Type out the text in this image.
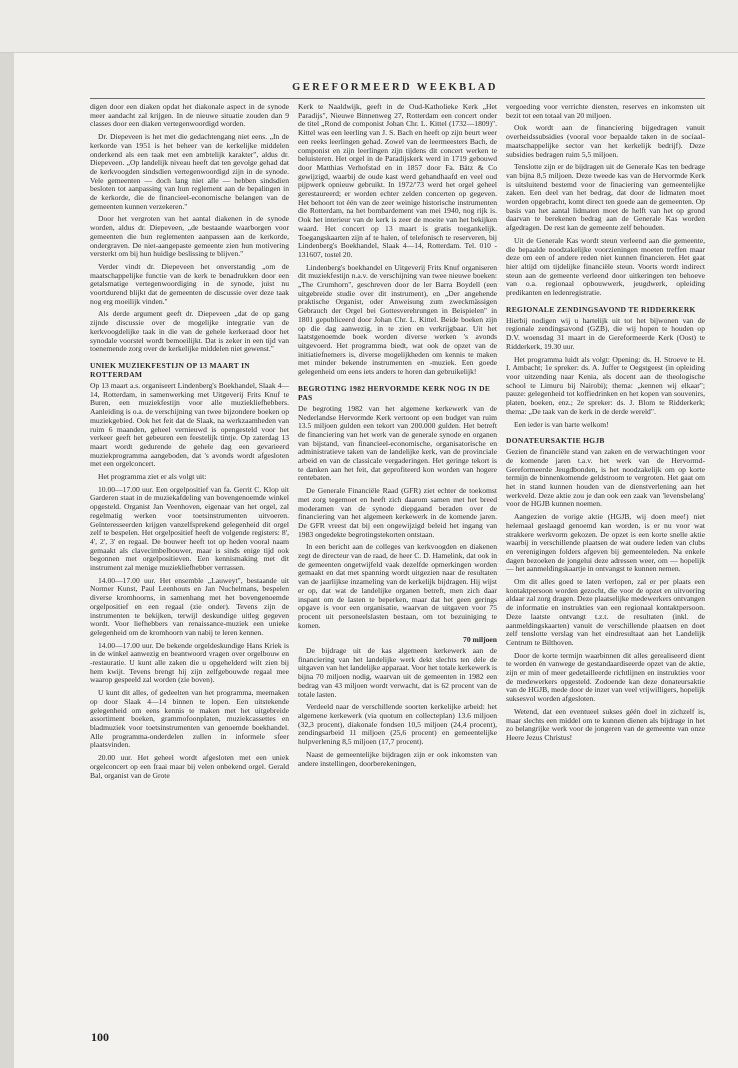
GEREFORMEERD WEEKBLAD

digen door een diaken opdat het diakonale aspect in de synode meer aandacht zal krijgen. In de nieuwe situatie zouden dan 9 classes door een diaken vertegenwoordigd worden.

Dr. Diepeveen is het met die gedachtengang niet eens. „In de kerkorde van 1951 is het beheer van de kerkelijke middelen onderkend als een taak met een ambtelijk karakter", aldus dr. Diepeveen. „Op landelijk niveau heeft dat ten gevolge gehad dat de kerkvoogden sindsdien vertegenwoordigd zijn in de synode. Vele gemeenten — doch lang niet alle — hebben sindsdien besloten tot aanpassing van hun reglement aan de bepalingen in de kerkorde, die de financieel-economische belangen van de gemeenten kunnen verzekeren."

Door het vergroten van het aantal diakenen in de synode worden, aldus dr. Diepeveen, „de bestaande waarborgen voor gemeenten die hun reglementen aanpassen aan de kerkorde, ondergraven. De niet-aangepaste gemeente zien hun motivering versterkt om bij hun huidige beslissing te blijven."

Verder vindt dr. Diepeveen het onverstandig „om de maatschappelijke functie van de kerk te benadrukken door een getalsmatige vertegenwoordiging in de synode, juist nu voortdurend blijkt dat de gemeenten de discussie over deze taak nog erg moeilijk vinden."

Als derde argument geeft dr. Diepeveen „dat de op gang zijnde discussie over de mogelijke integratie van de kerkvoogdelijke taak in die van de gehele kerkeraad door het synodale voorstel wordt bemoeilijkt. Dat is zeker in een tijd van toenemende zorg over de kerkelijke middelen niet gewenst."

UNIEK MUZIEKFESTIJN OP 13 MAART IN ROTTERDAM

Op 13 maart a.s. organiseert Lindenberg's Boekhandel, Slaak 4—14, Rotterdam, in samenwerking met Uitgeverij Frits Knuf te Buren, een muziekfestijn voor alle muziekliefhebbers. Aanleiding is o.a. de verschijning van twee bijzondere boeken op muziekgebied. Ook het feit dat de Slaak, na werkzaamheden van ruim 6 maanden, geheel vernieuwd is opengesteld voor het verkeer geeft het gebeuren een feestelijk tintje. Op zaterdag 13 maart wordt gedurende de gehele dag een gevarieerd muziekprogramma aangeboden, dat 's avonds wordt afgesloten met een orgelconcert.

Het programma ziet er als volgt uit:

10.00—17.00 uur. Een orgelpositief van fa. Gerrit C. Klop uit Garderen staat in de muziekafdeling van bovengenoemde winkel opgesteld. Organist Jan Veenhoven, eigenaar van het orgel, zal regelmatig werken voor toetsinstrumenten uitvoeren. Geïnteresseerden krijgen vanzelfsprekend gelegenheid dit orgel zelf te bespelen. Het orgelpositief heeft de volgende registers: 8', 4', 2', 3' en regaal. De bouwer heeft tot op heden vooral naam gemaakt als clavecimbelbouwer, maar is sinds enige tijd ook begonnen met orgelpositieven. Een kennismaking met dit instrument zal menige muziekliefhebber verrassen.

14.00—17.00 uur. Het ensemble „Lauweyt", bestaande uit Normer Kunst, Paul Leenhouts en Jan Nuchelmans, bespelen diverse kromhoorns, in samenhang met het bovengenoemde orgelpositief en een regaal (zie onder). Tevens zijn de instrumenten te bekijken, terwijl deskundige uitleg gegeven wordt. Voor liefhebbers van renaissance-muziek een unieke gelegenheid om de kromhoorn van nabij te leren kennen.

14.00—17.00 uur. De bekende orgeldeskundige Hans Kriek is in de winkel aanwezig en beantwoord vragen over orgelbouw en -restauratie. U kunt alle zaken die u opgehelderd wilt zien bij hem kwijt. Tevens brengt hij zijn zelfgebouwde regaal mee waarop gespeeld zal worden (zie boven).

U kunt dit alles, of gedeelten van het programma, meemaken op door Slaak 4—14 binnen te lopen. Een uitstekende gelegenheid om eens kennis te maken met het uitgebreide assortiment boeken, grammofoonplaten, muziekcassettes en bladmuziek voor toetsinstrumenten van genoemde boekhandel. Alle programma-onderdelen zullen in informele sfeer plaatsvinden.

20.00 uur. Het geheel wordt afgesloten met een uniek orgelconcert op een fraai maar bij velen onbekend orgel. Gerald Bal, organist van de Grote

Kerk te Naaldwijk, geeft in de Oud-Katholieke Kerk „Het Paradijs", Nieuwe Binnenweg 27, Rotterdam een concert onder de titel „Rond de componist Johan Chr. L. Kittel (1732—1809)". Kittel was een leerling van J. S. Bach en heeft op zijn beurt weer een reeks leerlingen gehad. Zowel van de leermeesters Bach, de componist en zijn leerlingen zijn tijdens dit concert werken te beluisteren. Het orgel in de Paradijskerk werd in 1719 gebouwd door Matthias Verhofstad en in 1857 door Fa. Bätz & Co gewijzigd, waarbij de oude kast werd gehandhaafd en veel oud pijpwerk opnieuw gebruikt. In 1972/'73 werd het orgel geheel gerestaureerd; er worden echter zelden concerten op gegeven. Het behoort tot één van de zeer weinige historische instrumenten die Rotterdam, na het bombardement van mei 1940, nog rijk is. Ook het interieur van de kerk is zeer de moeite van het bekijken waard. Het concert op 13 maart is gratis toegankelijk. Toegangskaarten zijn af te halen, of telefonisch te reserveren, bij Lindenberg's Boekhandel, Slaak 4—14, Rotterdam. Tel. 010 - 131607, tostel 20.

Lindenberg's boekhandel en Uitgeverij Frits Knuf organiseren dit muziekfestijn n.a.v. de verschijning van twee nieuwe boeken: „The Crumhorn", geschreven door de ler Barra Boydell (een uitgebreide studie over dit instrument), en „Der angehende praktische Organist, oder Anweisung zum zweckmässigen Gebrauch der Orgel bei Gottesverehrungen in Beispielen" in 1801 gepubliceerd door Johan Chr. L. Kittel. Beide boeken zijn op die dag aanwezig, in te zien en verkrijgbaar. Uit het laatstgenoemde boek worden diverse werken 's avonds uitgevoerd. Het programma biedt, wat ook de opzet van de initiatiefnemers is, diverse mogelijkheden om kennis te maken met minder bekende instrumenten en -muziek. Een goede gelegenheid om eens iets anders te horen dan gebruikelijk!

BEGROTING 1982 HERVORMDE KERK NOG IN DE PAS

De begroting 1982 van het algemene kerkewerk van de Nederlandse Hervormde Kerk vertoont op een budget van ruim 13.5 miljoen gulden een tekort van 200.000 gulden. Het betreft de financiering van het werk van de generale synode en organen van bijstand, van financieel-economische, organisatorische en administratieve taken van de landelijke kerk, van de provinciale arbeid en van de classicale vergaderingen. Het geringe tekort is te danken aan het feit, dat geprofiteerd kon worden van hogere rentebaten.

De Generale Financiële Raad (GFR) ziet echter de toekomst met zorg tegemoet en heeft zich daarom samen met het breed moderamen van de synode diepgaand beraden over de financiering van het algemeen kerkewerk in de komende jaren. De GFR vreest dat bij een ongewijzigd beleid het ingang van 1983 ongedekte begrotingstekorten ontstaan.

In een bericht aan de colleges van kerkvoogden en diakenen zegt de directeur van de raad, de heer C. D. Hamelink, dat ook in de gemeenten ongetwijfeld vaak dezelfde opmerkingen worden gemaakt en dat met spanning wordt uitgezien naar de resultaten van de jaarlijkse inzameling van de kerkelijk bijdragen. Hij wijst er op, dat wat de landelijke organen betreft, men zich daar inspant om de lasten te beperken, maar dat het geen gerings opgave is voor een organisatie, waarvan de uitgaven voor 75 procent uit personeelslasten bestaan, om tot bezuiniging te komen.

70 miljoen

De bijdrage uit de kas algemeen kerkewerk aan de financiering van het landelijke werk dekt slechts ten dele de uitgaven van het landelijke apparaat. Voor het totale kerkewerk is bijna 70 miljoen nodig, waarvan uit de gemeenten in 1982 een bedrag van 43 miljoen wordt verwacht, dat is 62 procent van de totale lasten.

Verdeeld naar de verschillende soorten kerkelijke arbeid: het algemene kerkewerk (via quotum en collecteplan) 13.6 miljoen (32,3 procent), diakonale fondsen 10,5 miljoen (24,4 procent), zendingsarbeid 11 miljoen (25,6 procent) en gemeentelijke hulpverlening 8,5 miljoen (17,7 procent).

Naast de gemeentelijke bijdragen zijn er ook inkomsten van andere instellingen, doorberekeningen,

vergoeding voor verrichte diensten, reserves en inkomsten uit bezit tot een totaal van 20 miljoen.

Ook wordt aan de financiering bijgedragen vanuit overheidssubsidies (vooral voor bepaalde taken in de sociaal-maatschappelijke sector van het kerkelijk bedrijf). Deze subsidies bedragen ruim 5,5 miljoen.

Tenslotte zijn er de bijdragen uit de Generale Kas ten bedrage van bijna 8,5 miljoen. Deze tweede kas van de Hervormde Kerk is uitsluitend bestemd voor de finaciering van gemeentelijke zaken. Een deel van het bedrag, dat door de lidmaten moet worden opgebracht, komt direct ten goede aan de gemeenten. Op basis van het aantal lidmaten moet de helft van het op grond daarvan te berekenen bedrag aan de Generale Kas worden afgedragen. De rest kan de gemeente zelf behouden.

Uit de Generale Kas wordt steun verleend aan die gemeente, die bepaalde noodzakelijke voorzieningen moeten treffen maar deze om een of andere reden niet kunnen financieren. Het gaat hier altijd om tijdelijke financiële steun. Voorts wordt indirect steun aan de gemeente verleend door uitkeringen ten behoeve van o.a. regionaal opbouwwerk, jeugdwerk, opleiding predikanten en ledenregistratie.

REGIONALE ZENDINGSAVOND TE RIDDERKERK

Hierbij nodigen wij u hartelijk uit tot het bijwonen van de regionale zendingsavond (GZB), die wij hopen te houden op D.V. woensdag 31 maart in de Gereformeerde Kerk (Oost) te Ridderkerk, 19.30 uur.

Het programma luidt als volgt: Opening: ds. H. Stroeve te H. I. Ambacht; 1e spreker: ds. A. Juffer te Oegstgeest (in opleiding voor uitzending naar Kenia, als docent aan de theologische school te Limuru bij Nairobi); thema: „kennen wij elkaar"; pauze: gelegenheid tot koffiedrinken en het kopen van souvenirs, platen, boeken, enz.; 2e spreker: ds. J. Blom te Ridderkerk; thema: „De taak van de kerk in de derde wereld".

Een ieder is van harte welkom!

DONATEURSAKTIE HGJB

Gezien de financiële stand van zaken en de verwachtingen voor de komende jaren t.a.v. het werk van de Hervormd-Gereformeerde Jeugdbonden, is het noodzakelijk om op korte termijn de binnenkomende geldstroom te vergroten. Het gaat om het in stand kunnen houden van de dienstverlening aan het werkveld. Deze aktie zou je dan ook een zaak van 'levensbelang' voor de HGJB kunnen noemen.

Aangezien de vorige aktie (HGJB, wij doen mee!) niet helemaal geslaagd genoemd kan worden, is er nu voor wat strakkere werkvorm gekozen. De opzet is een korte snelle aktie waarbij in verschillende plaatsen de wat oudere leden van clubs en verenigingen folders afgeven bij gemeenteleden. Na enkele dagen bezoeken de jongelui deze adressen weer, om — hopelijk — het aanmeldingskaartje in ontvangst te kunnen nemen.

Om dit alles goed te laten verlopen, zal er per plaats een kontaktpersoon worden gezocht, die voor de opzet en uitvoering aldaar zal zorg dragen. Deze plaatselijke medewerkers ontvangen de informatie en instrukties van een regionaal kontaktpersoon. Deze laatste ontvangt t.z.t. de resultaten (inkl. de aanmeldingskaarten) vanuit de verschillende plaatsen en doet zelf tenslotte verslag van het eindresultaat aan het Landelijk Centrum te Bilthoven.

Door de korte termijn waarbinnen dit alles gerealiseerd dient te worden én vanwege de gestandaardiseerde opzet van de aktie, zijn er min of meer gedetailleerde richtlijnen en instrukties voor de medewerkers opgesteld. Zodoende kan deze donateursaktie van de HGJB, mede door de inzet van veel vrijwilligers, hopelijk suksesvol worden afgesloten.

Wetend, dat een eventueel sukses géén doel in zichzelf is, maar slechts een middel om te kunnen dienen als bijdrage in het zo belangrijke werk voor de jongeren van de gemeente van onze Heere Jezus Christus!

100
